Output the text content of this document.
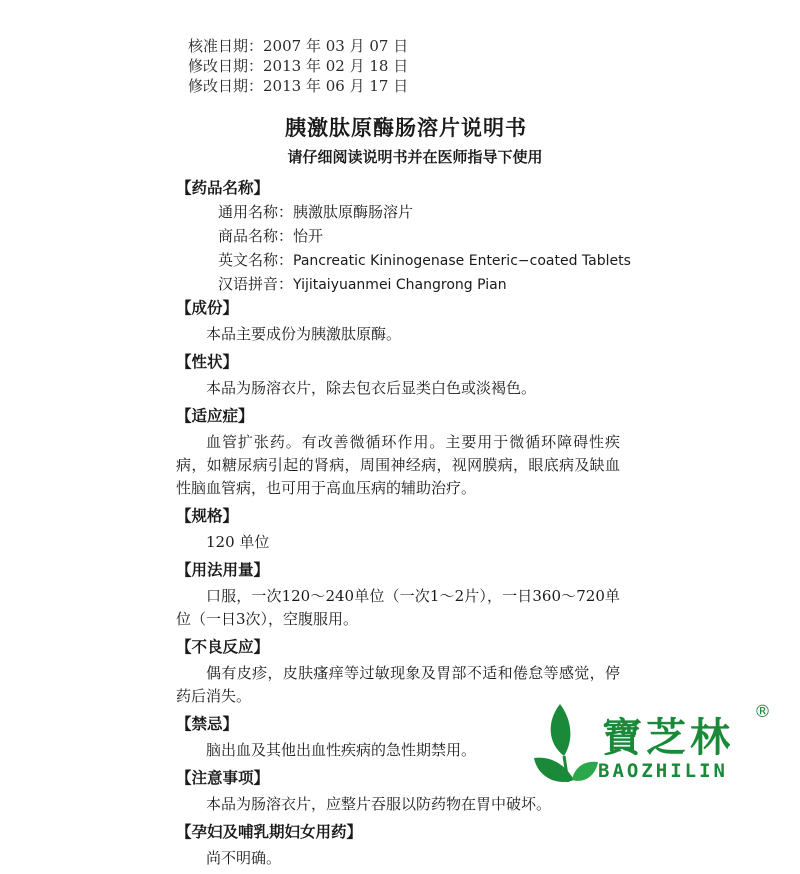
核准日期：2007 年 03 月 07 日
修改日期：2013 年 02 月 18 日
修改日期：2013 年 06 月 17 日
胰激肽原酶肠溶片说明书
请仔细阅读说明书并在医师指导下使用
【药品名称】
通用名称：胰激肽原酶肠溶片
商品名称：怡开
英文名称：Pancreatic Kininogenase Enteric−coated Tablets
汉语拼音：Yijitaiyuanmei Changrong Pian
【成份】
本品主要成份为胰激肽原酶。
【性状】
本品为肠溶衣片，除去包衣后显类白色或淡褐色。
【适应症】
血管扩张药。有改善微循环作用。主要用于微循环障碍性疾病，如糖尿病引起的肾病，周围神经病，视网膜病，眼底病及缺血性脑血管病，也可用于高血压病的辅助治疗。
【规格】
120 单位
【用法用量】
口服，一次120～240单位（一次1～2片），一日360～720单位（一日3次），空腹服用。
【不良反应】
偶有皮疹，皮肤瘙痒等过敏现象及胃部不适和倦怠等感觉，停药后消失。
【禁忌】
脑出血及其他出血性疾病的急性期禁用。
【注意事项】
本品为肠溶衣片，应整片吞服以防药物在胃中破坏。
【孕妇及哺乳期妇女用药】
尚不明确。
寶芝林
®
BAOZHILIN
